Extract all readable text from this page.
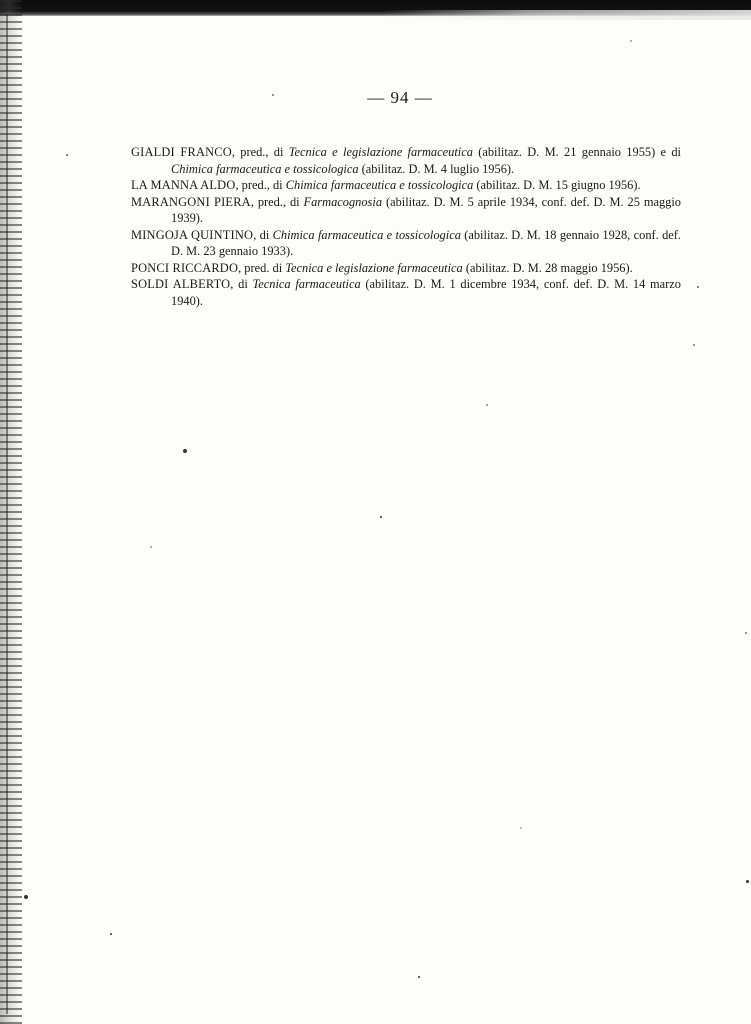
— 94 —

GIALDI FRANCO, pred., di Tecnica e legislazione farmaceutica (abilitaz. D. M. 21 gennaio 1955) e di Chimica farmaceutica e tossicologica (abilitaz. D. M. 4 luglio 1956).

LA MANNA ALDO, pred., di Chimica farmaceutica e tossicologica (abilitaz. D. M. 15 giugno 1956).

MARANGONI PIERA, pred., di Farmacognosia (abilitaz. D. M. 5 aprile 1934, conf. def. D. M. 25 maggio 1939).

MINGOJA QUINTINO, di Chimica farmaceutica e tossicologica (abilitaz. D. M. 18 gennaio 1928, conf. def. D. M. 23 gennaio 1933).

PONCI RICCARDO, pred. di Tecnica e legislazione farmaceutica (abilitaz. D. M. 28 maggio 1956).

SOLDI ALBERTO, di Tecnica farmaceutica (abilitaz. D. M. 1 dicembre 1934, conf. def. D. M. 14 marzo 1940).
